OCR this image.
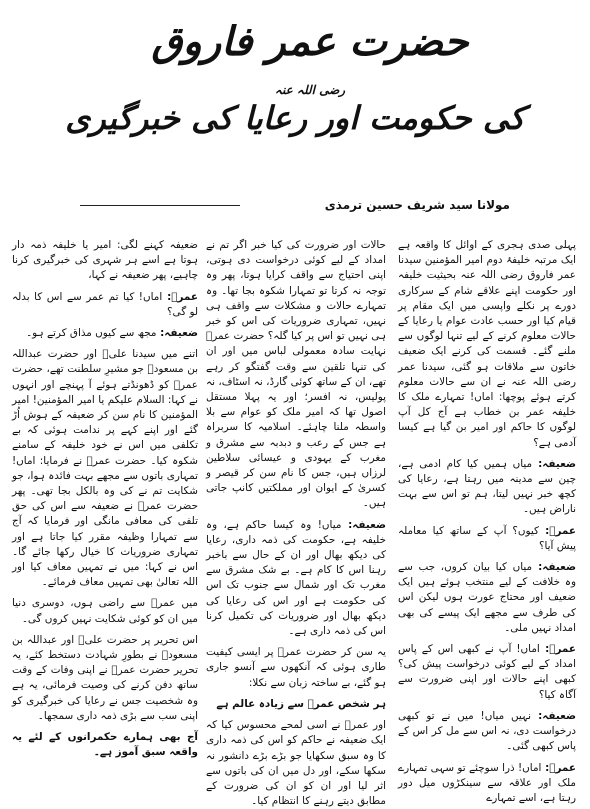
حضرت عمر فاروق $^{رضی اللہ عنہ}$
کی حکومت اور رعایا کی خبرگیری
مولانا سید شریف حسین ترمذی

پہلی صدی ہجری کے اوائل کا واقعہ ہے ایک مرتبہ خلیفۂ دوم امیر المؤمنین سیدنا عمر فاروق رضی اللہ عنہ بحیثیت خلیفہ اور حکومت اپنے علاقے شام کے سرکاری دورے پر نکلے واپسی میں ایک مقام پر قیام کیا اور حسب عادت عوام یا رعایا کے حالات معلوم کرنے کے لیے تنہا لوگوں سے ملنے گئے۔ قسمت کی کرنے ایک ضعیف خاتون سے ملاقات ہو گئی، سیدنا عمر رضی اللہ عنہ نے ان سے حالات معلوم کرتے ہوئے پوچھا: اماں! تمہارے ملک کا خلیفہ عمر بن خطاب ہے آج کل آپ لوگوں کا حاکم اور امیر بن گیا ہے کیسا آدمی ہے؟

ضعیفہ: میاں ہمیں کیا کام ادمی ہے، چین سے مدینہ میں رہتا ہے، رعایا کی کچھ خبر نہیں لیتا، ہم تو اس سے بہت ناراض ہیں۔

عمرؓ: کیوں؟ آپ کے ساتھ کیا معاملہ پیش آیا؟

ضعیفہ: میاں کیا بیان کروں، جب سے وہ خلافت کے لیے منتخب ہوئے ہیں ایک ضعیف اور محتاج عورت ہوں لیکن اس کی طرف سے مجھے ایک پیسے کی بھی امداد نہیں ملی۔

عمرؓ: اماں! آپ نے کبھی اس کے پاس امداد کے لیے کوئی درخواست پیش کی؟ کبھی اپنے حالات اور اپنی ضرورت سے آگاہ کیا؟

ضعیفہ: نہیں میاں! میں نے تو کبھی درخواست دی، نہ اس سے مل کر اس کے پاس کبھی گئی۔

عمرؓ: اماں! ذرا سوچئے تو سہی تمہارے ملک اور علاقہ سے سینکڑوں میل دور رہتا ہے، اسے تمہارے

حالات اور ضرورت کی کیا خبر اگر تم نے امداد کے لیے کوئی درخواست دی ہوتی، اپنی احتیاج سے واقف کرایا ہوتا، پھر وہ توجہ نہ کرتا تو تمہارا شکوہ بجا تھا۔ وہ تمہارے حالات و مشکلات سے واقف ہی نہیں، تمہاری ضروریات کی اس کو خبر ہی نہیں تو اس پر کیا گلہ؟ حضرت عمرؓ نہایت سادہ معمولی لباس میں اور ان کی تنہا تلقین سے وقت گفتگو کر رہے تھے، ان کے ساتھ کوئی گارڈ، نہ اسٹاف، نہ پولیس، نہ افسر؛ اور یہ پہلا مستقل اصول تھا کہ امیر ملک کو عوام سے بلا واسطہ ملنا چاہئے۔ اسلامیہ کا سربراہ ہے جس کے رعب و دبدبہ سے مشرق و مغرب کے یہودی و عیسائی سلاطین لرزاں ہیں، جس کا نام سن کر قیصر و کسریٰ کے ایوان اور مملکتیں کانپ جاتی ہیں۔

ضعیفہ: میاں! وہ کیسا حاکم ہے، وہ خلیفہ ہے، حکومت کی ذمہ داری، رعایا کی دیکھ بھال اور ان کے حال سے باخبر رہنا اس کا کام ہے۔ بے شک مشرق سے مغرب تک اور شمال سے جنوب تک اس کی حکومت ہے اور اس کی رعایا کی دیکھ بھال اور ضروریات کی تکمیل کرنا اس کی ذمہ داری ہے۔

یہ سن کر حضرت عمرؓ پر ایسی کیفیت طاری ہوئی کہ آنکھوں سے آنسو جاری ہو گئے، بے ساختہ زبان سے نکلا:

ہر شخص عمرؓ سے زیادہ عالم ہے

اور عمرؓ نے اسی لمحے محسوس کیا کہ ایک ضعیفہ نے حاکم کو اس کی ذمہ داری کا وہ سبق سکھایا جو بڑے بڑے دانشور نہ سکھا سکے، اور دل میں ان کی باتوں سے اثر لیا اور ان کو ان کی ضرورت کے مطابق دیتے رہنے کا انتظام کیا۔

ضعیفہ کہنے لگی: امیر یا خلیفہ ذمہ دار ہوتا ہے اسے ہر شہری کی خبرگیری کرنا چاہیے، پھر ضعیفہ نے کہا،

عمرؓ: اماں! کیا تم عمر سے اس کا بدلہ لو گی؟

ضعیفہ: مجھ سے کیوں مذاق کرتے ہو۔

اتنے میں سیدنا علیؓ اور حضرت عبداللہ بن مسعودؓ جو مشیرِ سلطنت تھے، حضرت عمرؓ کو ڈھونڈتے ہوئے آ پہنچے اور انہوں نے کہا: السلام علیکم یا امیر المؤمنین! امیر المؤمنین کا نام سن کر ضعیفہ کے ہوش اُڑ گئے اور اپنے کہے پر ندامت ہوئی کہ بے تکلفی میں اس نے خود خلیفہ کے سامنے شکوہ کیا۔ حضرت عمرؓ نے فرمایا: اماں! تمہاری باتوں سے مجھے بہت فائدہ ہوا، جو شکایت تم نے کی وہ بالکل بجا تھی۔ پھر حضرت عمرؓ نے ضعیفہ سے اس کی حق تلفی کی معافی مانگی اور فرمایا کہ آج سے تمہارا وظیفہ مقرر کیا جاتا ہے اور تمہاری ضروریات کا خیال رکھا جائے گا۔ اس نے کہا: میں نے تمہیں معاف کیا اور اللہ تعالیٰ بھی تمہیں معاف فرمائے۔

میں عمرؓ سے راضی ہوں، دوسری دنیا میں ان کو کوئی شکایت نہیں کروں گی۔

اس تحریر پر حضرت علیؓ اور عبداللہ بن مسعودؓ نے بطورِ شہادت دستخط کئے، یہ تحریر حضرت عمرؓ نے اپنی وفات کے وقت ساتھ دفن کرنے کی وصیت فرمائی، یہ ہے وہ شخصیت جس نے رعایا کی خبرگیری کو اپنی سب سے بڑی ذمہ داری سمجھا۔

آج بھی ہمارے حکمرانوں کے لئے یہ واقعہ سبق آموز ہے۔
